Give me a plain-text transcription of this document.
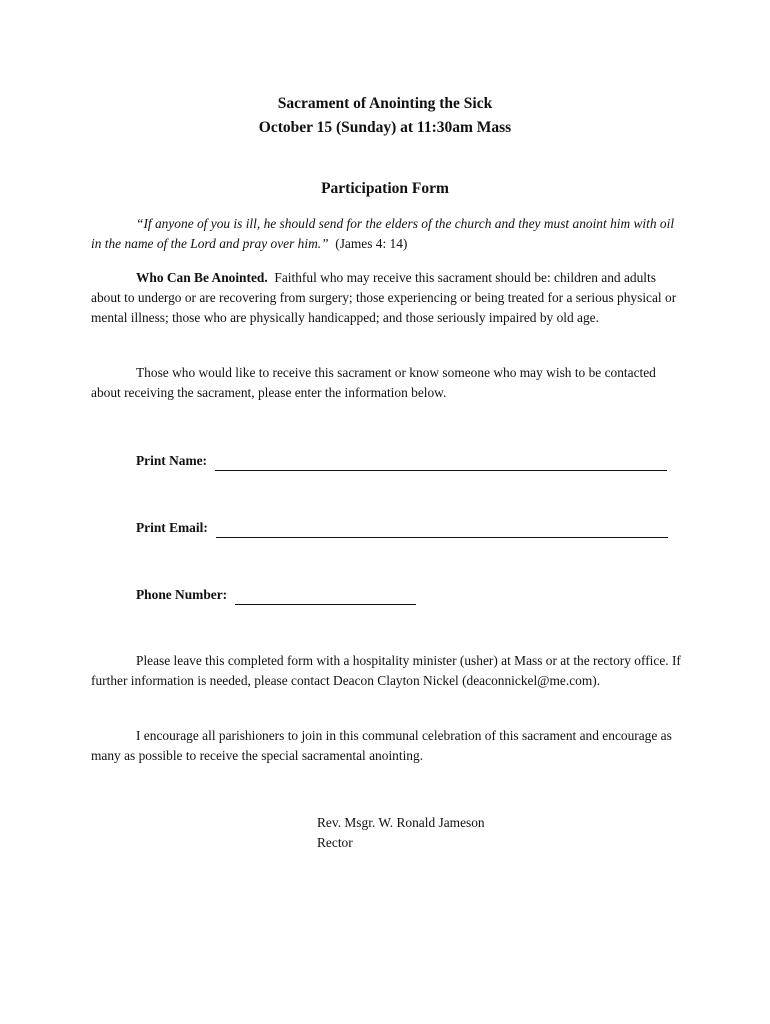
Sacrament of Anointing the Sick
October 15 (Sunday) at 11:30am Mass
Participation Form
“If anyone of you is ill, he should send for the elders of the church and they must anoint him with oil in the name of the Lord and pray over him.” (James 4: 14)
Who Can Be Anointed. Faithful who may receive this sacrament should be: children and adults about to undergo or are recovering from surgery; those experiencing or being treated for a serious physical or mental illness; those who are physically handicapped; and those seriously impaired by old age.
Those who would like to receive this sacrament or know someone who may wish to be contacted about receiving the sacrament, please enter the information below.
Print Name:
Print Email:
Phone Number:
Please leave this completed form with a hospitality minister (usher) at Mass or at the rectory office. If further information is needed, please contact Deacon Clayton Nickel (deaconnickel@me.com).
I encourage all parishioners to join in this communal celebration of this sacrament and encourage as many as possible to receive the special sacramental anointing.
Rev. Msgr. W. Ronald Jameson
Rector
